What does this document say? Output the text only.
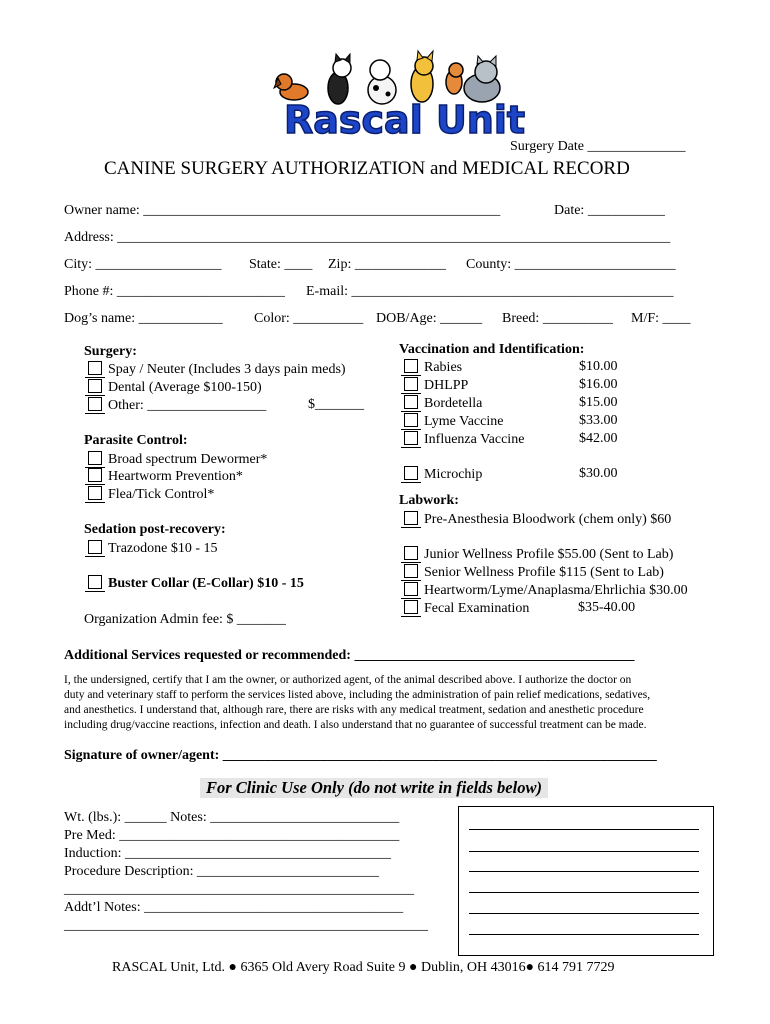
Rascal Unit
Surgery Date ______________
CANINE SURGERY AUTHORIZATION and MEDICAL RECORD
Owner name: ___________________________________________________	Date: ___________
Address: _______________________________________________________________________________
City: __________________ State: ____ Zip: _____________ County: _______________________
Phone #: ________________________ E-mail: ______________________________________________
Dog’s name: ____________ Color: __________ DOB/Age: ______ Breed: __________ M/F: ____
Surgery:
Spay / Neuter (Includes 3 days pain meds)
Dental (Average $100-150)
Other: _________________	$_______
Parasite Control:
Broad spectrum Dewormer*
Heartworm Prevention*
Flea/Tick Control*
Sedation post-recovery:
Trazodone $10 - 15
Buster Collar (E-Collar) $10 - 15
Organization Admin fee: $ _______
Vaccination and Identification:
Rabies	$10.00
DHLPP	$16.00
Bordetella	$15.00
Lyme Vaccine	$33.00
Influenza Vaccine	$42.00
Microchip	$30.00
Labwork:
Pre-Anesthesia Bloodwork (chem only) $60
Junior Wellness Profile $55.00 (Sent to Lab)
Senior Wellness Profile $115 (Sent to Lab)
Heartworm/Lyme/Anaplasma/Ehrlichia $30.00
Fecal Examination	$35-40.00
Additional Services requested or recommended: ________________________________________
I, the undersigned, certify that I am the owner, or authorized agent, of the animal described above. I authorize the doctor on
duty and veterinary staff to perform the services listed above, including the administration of pain relief medications, sedatives,
and anesthetics. I understand that, although rare, there are risks with any medical treatment, sedation and anesthetic procedure
including drug/vaccine reactions, infection and death. I also understand that no guarantee of successful treatment can be made.
Signature of owner/agent: ______________________________________________________________
For Clinic Use Only (do not write in fields below)
Wt. (lbs.): ______ Notes: ___________________________
Pre Med: ________________________________________
Induction: ______________________________________
Procedure Description: __________________________
__________________________________________________
Addt’l Notes: _____________________________________
____________________________________________________
RASCAL Unit, Ltd. ● 6365 Old Avery Road Suite 9 ● Dublin, OH 43016● 614 791 7729
